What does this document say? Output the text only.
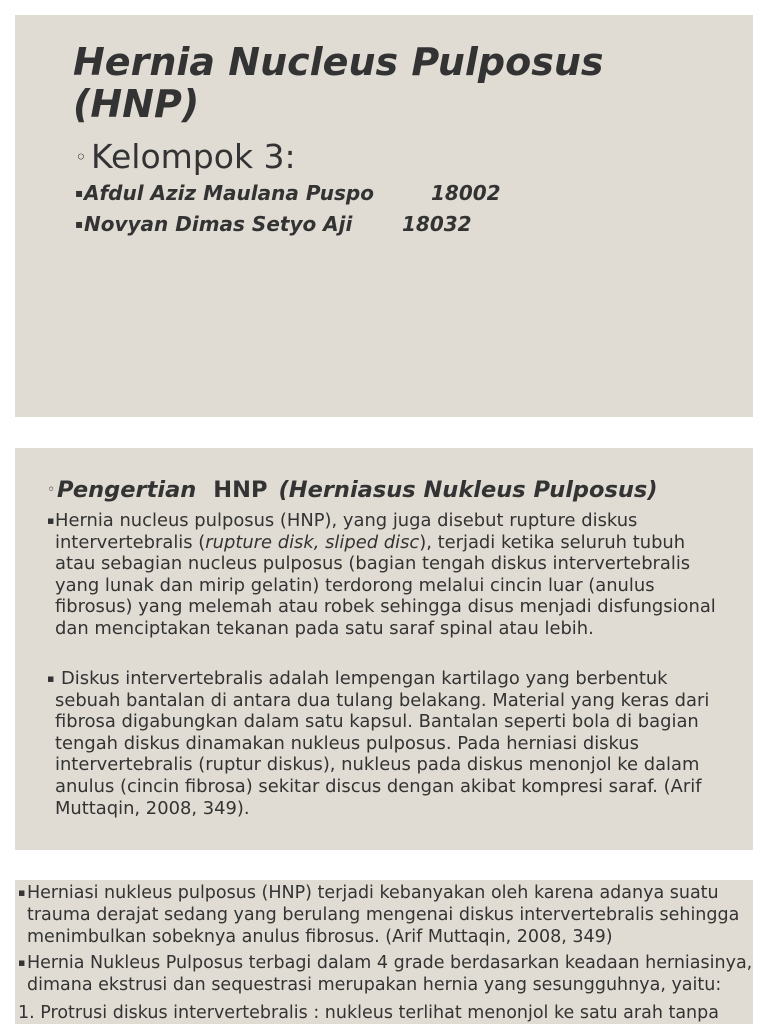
Hernia Nucleus Pulposus
(HNP)
◦ Kelompok 3:
▪Afdul Aziz Maulana Puspo	18002
▪Novyan Dimas Setyo Aji 18032
◦Pengertian HNP (Herniasus Nukleus Pulposus)
▪Hernia nucleus pulposus (HNP), yang juga disebut rupture diskus
intervertebralis (rupture disk, sliped disc), terjadi ketika seluruh tubuh
atau sebagian nucleus pulposus (bagian tengah diskus intervertebralis
yang lunak dan mirip gelatin) terdorong melalui cincin luar (anulus
fibrosus) yang melemah atau robek sehingga disus menjadi disfungsional
dan menciptakan tekanan pada satu saraf spinal atau lebih.
▪ Diskus intervertebralis adalah lempengan kartilago yang berbentuk
sebuah bantalan di antara dua tulang belakang. Material yang keras dari
fibrosa digabungkan dalam satu kapsul. Bantalan seperti bola di bagian
tengah diskus dinamakan nukleus pulposus. Pada herniasi diskus
intervertebralis (ruptur diskus), nukleus pada diskus menonjol ke dalam
anulus (cincin fibrosa) sekitar discus dengan akibat kompresi saraf. (Arif
Muttaqin, 2008, 349).
▪Herniasi nukleus pulposus (HNP) terjadi kebanyakan oleh karena adanya suatu
trauma derajat sedang yang berulang mengenai diskus intervertebralis sehingga
menimbulkan sobeknya anulus fibrosus. (Arif Muttaqin, 2008, 349)
▪Hernia Nukleus Pulposus terbagi dalam 4 grade berdasarkan keadaan herniasinya,
dimana ekstrusi dan sequestrasi merupakan hernia yang sesungguhnya, yaitu:
1. Protrusi diskus intervertebralis : nukleus terlihat menonjol ke satu arah tanpa
